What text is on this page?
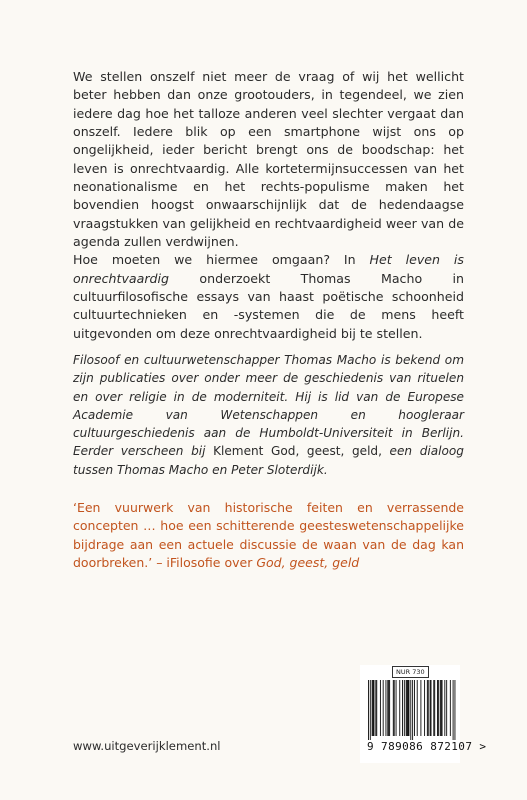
We stellen onszelf niet meer de vraag of wij het wellicht beter hebben dan onze grootouders, in tegendeel, we zien iedere dag hoe het talloze anderen veel slechter vergaat dan onszelf. Iedere blik op een smartphone wijst ons op ongelijkheid, ieder bericht brengt ons de boodschap: het leven is onrechtvaardig. Alle kortetermijnsuccessen van het neonationalisme en het rechts-populisme maken het bovendien hoogst onwaarschijnlijk dat de hedendaagse vraagstukken van gelijkheid en rechtvaardigheid weer van de agenda zullen verdwijnen.

Hoe moeten we hiermee omgaan? In Het leven is onrechtvaardig onderzoekt Thomas Macho in cultuurfilosofische essays van haast poëtische schoonheid cultuurtechnieken en -systemen die de mens heeft uitgevonden om deze onrechtvaardigheid bij te stellen.

Filosoof en cultuurwetenschapper Thomas Macho is bekend om zijn publicaties over onder meer de geschiedenis van rituelen en over religie in de moderniteit. Hij is lid van de Europese Academie van Wetenschappen en hoogleraar cultuurgeschiedenis aan de Humboldt-Universiteit in Berlijn. Eerder verscheen bij Klement God, geest, geld, een dialoog tussen Thomas Macho en Peter Sloterdijk.

‘Een vuurwerk van historische feiten en verrassende concepten … hoe een schitterende geesteswetenschappelijke bijdrage aan een actuele discussie de waan van de dag kan doorbreken.’ – iFilosofie over God, geest, geld

www.uitgeverijklement.nl
NUR 730
9 789086 872107 >
